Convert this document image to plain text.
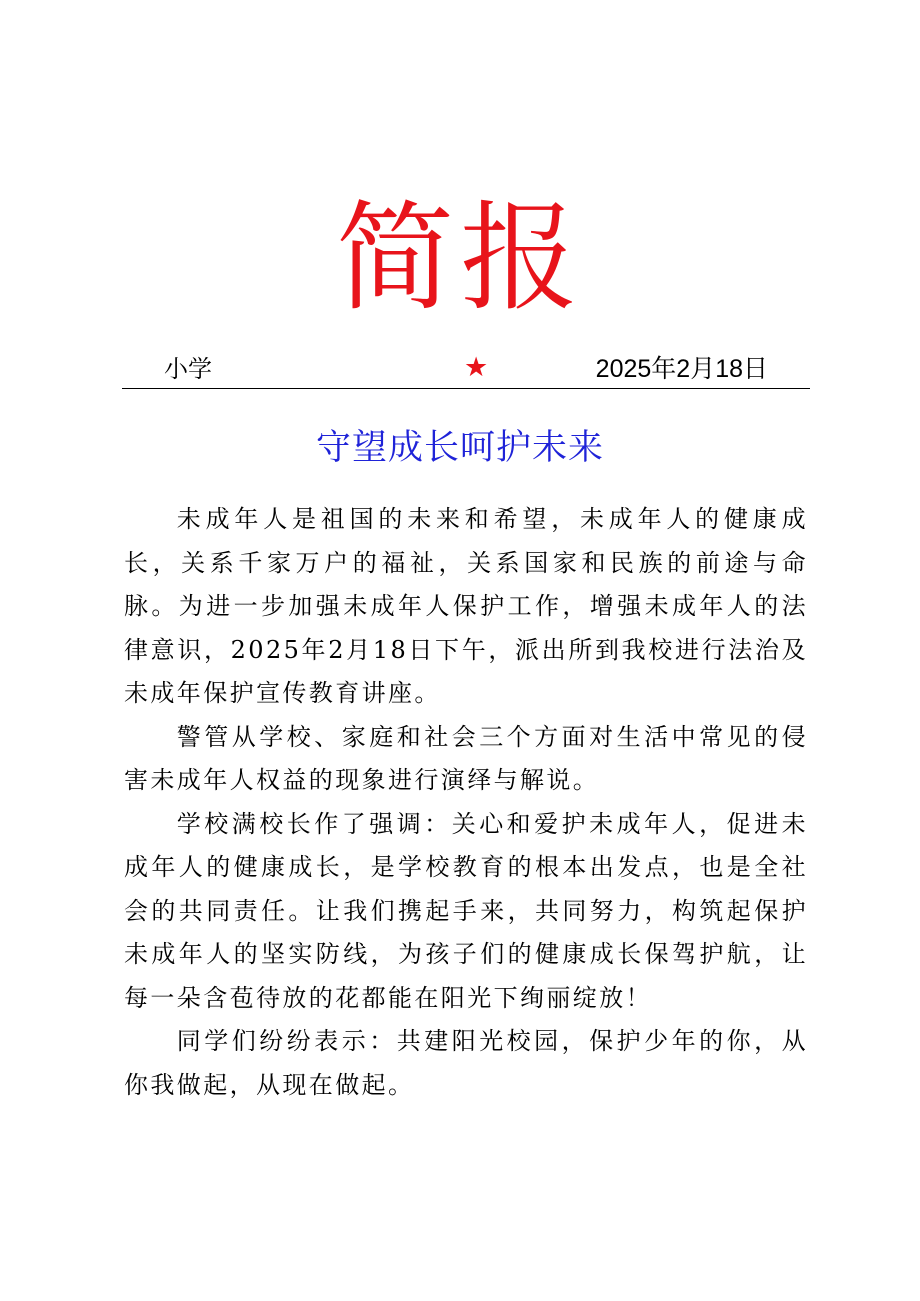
简报
小学	★	2025年2月18日
守望成长呵护未来

未成年人是祖国的未来和希望，未成年人的健康成长，关系千家万户的福祉，关系国家和民族的前途与命脉。为进一步加强未成年人保护工作，增强未成年人的法律意识，2025年2月18日下午，派出所到我校进行法治及未成年保护宣传教育讲座。

警管从学校、家庭和社会三个方面对生活中常见的侵害未成年人权益的现象进行演绎与解说。

学校满校长作了强调：关心和爱护未成年人，促进未成年人的健康成长，是学校教育的根本出发点，也是全社会的共同责任。让我们携起手来，共同努力，构筑起保护未成年人的坚实防线，为孩子们的健康成长保驾护航，让每一朵含苞待放的花都能在阳光下绚丽绽放！

同学们纷纷表示：共建阳光校园，保护少年的你，从你我做起，从现在做起。
